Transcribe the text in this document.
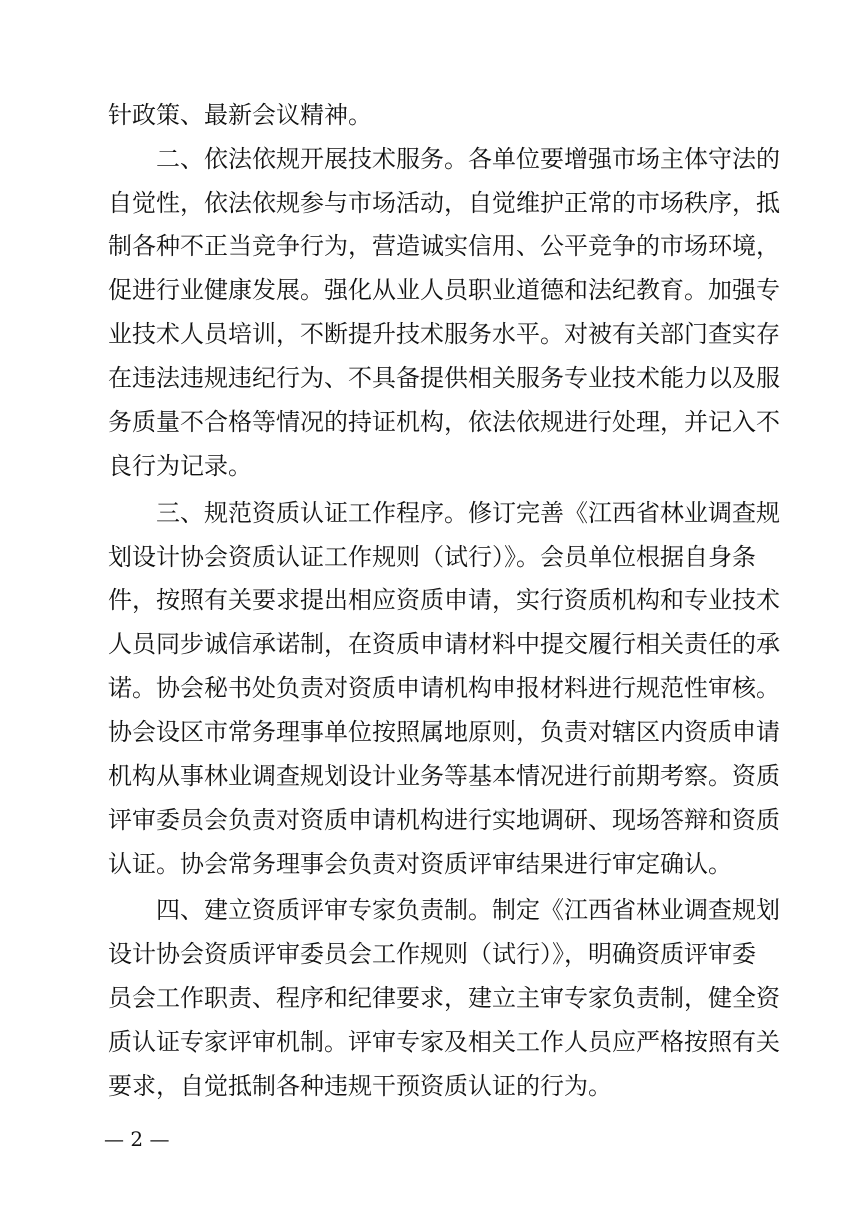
针政策、最新会议精神。
　　二、依法依规开展技术服务。各单位要增强市场主体守法的
自觉性，依法依规参与市场活动，自觉维护正常的市场秩序，抵
制各种不正当竞争行为，营造诚实信用、公平竞争的市场环境，
促进行业健康发展。强化从业人员职业道德和法纪教育。加强专
业技术人员培训，不断提升技术服务水平。对被有关部门查实存
在违法违规违纪行为、不具备提供相关服务专业技术能力以及服
务质量不合格等情况的持证机构，依法依规进行处理，并记入不
良行为记录。
　　三、规范资质认证工作程序。修订完善《江西省林业调查规
划设计协会资质认证工作规则（试行）》。会员单位根据自身条
件，按照有关要求提出相应资质申请，实行资质机构和专业技术
人员同步诚信承诺制，在资质申请材料中提交履行相关责任的承
诺。协会秘书处负责对资质申请机构申报材料进行规范性审核。
协会设区市常务理事单位按照属地原则，负责对辖区内资质申请
机构从事林业调查规划设计业务等基本情况进行前期考察。资质
评审委员会负责对资质申请机构进行实地调研、现场答辩和资质
认证。协会常务理事会负责对资质评审结果进行审定确认。
　　四、建立资质评审专家负责制。制定《江西省林业调查规划
设计协会资质评审委员会工作规则（试行）》，明确资质评审委
员会工作职责、程序和纪律要求，建立主审专家负责制，健全资
质认证专家评审机制。评审专家及相关工作人员应严格按照有关
要求，自觉抵制各种违规干预资质认证的行为。
— 2 —
